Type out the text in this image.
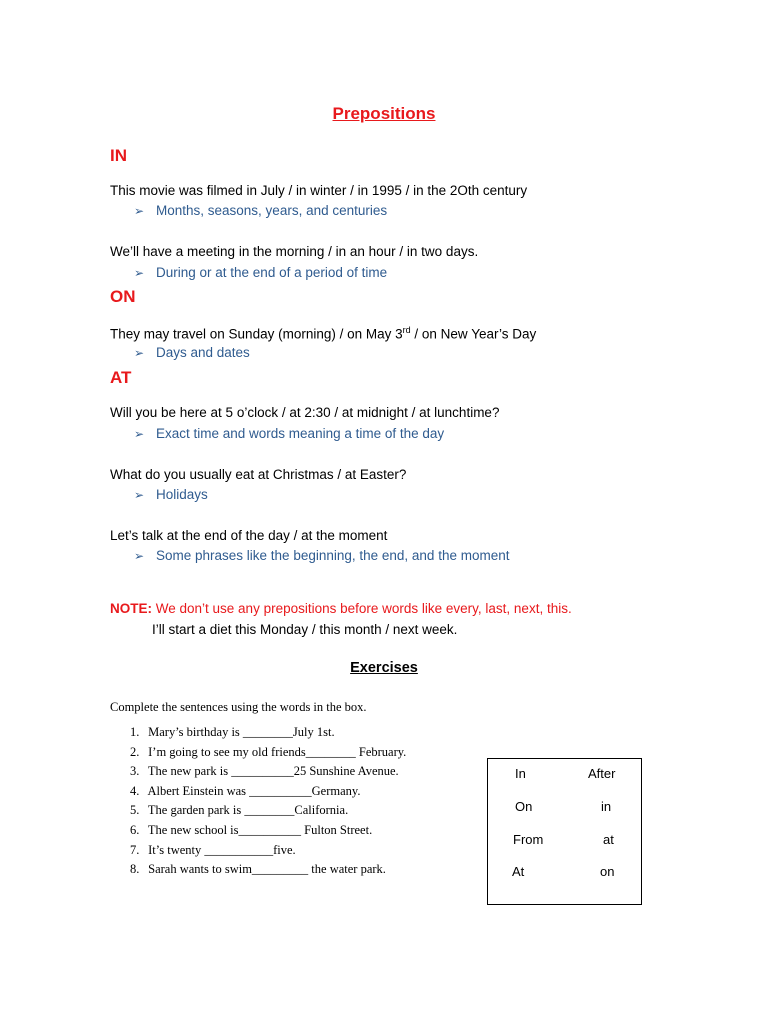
Prepositions
IN
This movie was filmed in July / in winter / in 1995 / in the 2Oth century
➢ Months, seasons, years, and centuries
We’ll have a meeting in the morning / in an hour / in two days.
➢ During or at the end of a period of time
ON
They may travel on Sunday (morning) / on May 3rd / on New Year’s Day
➢ Days and dates
AT
Will you be here at 5 o’clock / at 2:30 / at midnight / at lunchtime?
➢ Exact time and words meaning a time of the day
What do you usually eat at Christmas / at Easter?
➢ Holidays
Let’s talk at the end of the day / at the moment
➢ Some phrases like the beginning, the end, and the moment
NOTE: We don’t use any prepositions before words like every, last, next, this.
I’ll start a diet this Monday / this month / next week.
Exercises
Complete the sentences using the words in the box.
1. Mary’s birthday is ________July 1st.
2. I’m going to see my old friends________ February.
3. The new park is __________25 Sunshine Avenue.
4. Albert Einstein was __________Germany.
5. The garden park is ________California.
6. The new school is__________ Fulton Street.
7. It’s twenty ___________five.
8. Sarah wants to swim_________ the water park.
In	After
On	in
From	at
At	on
